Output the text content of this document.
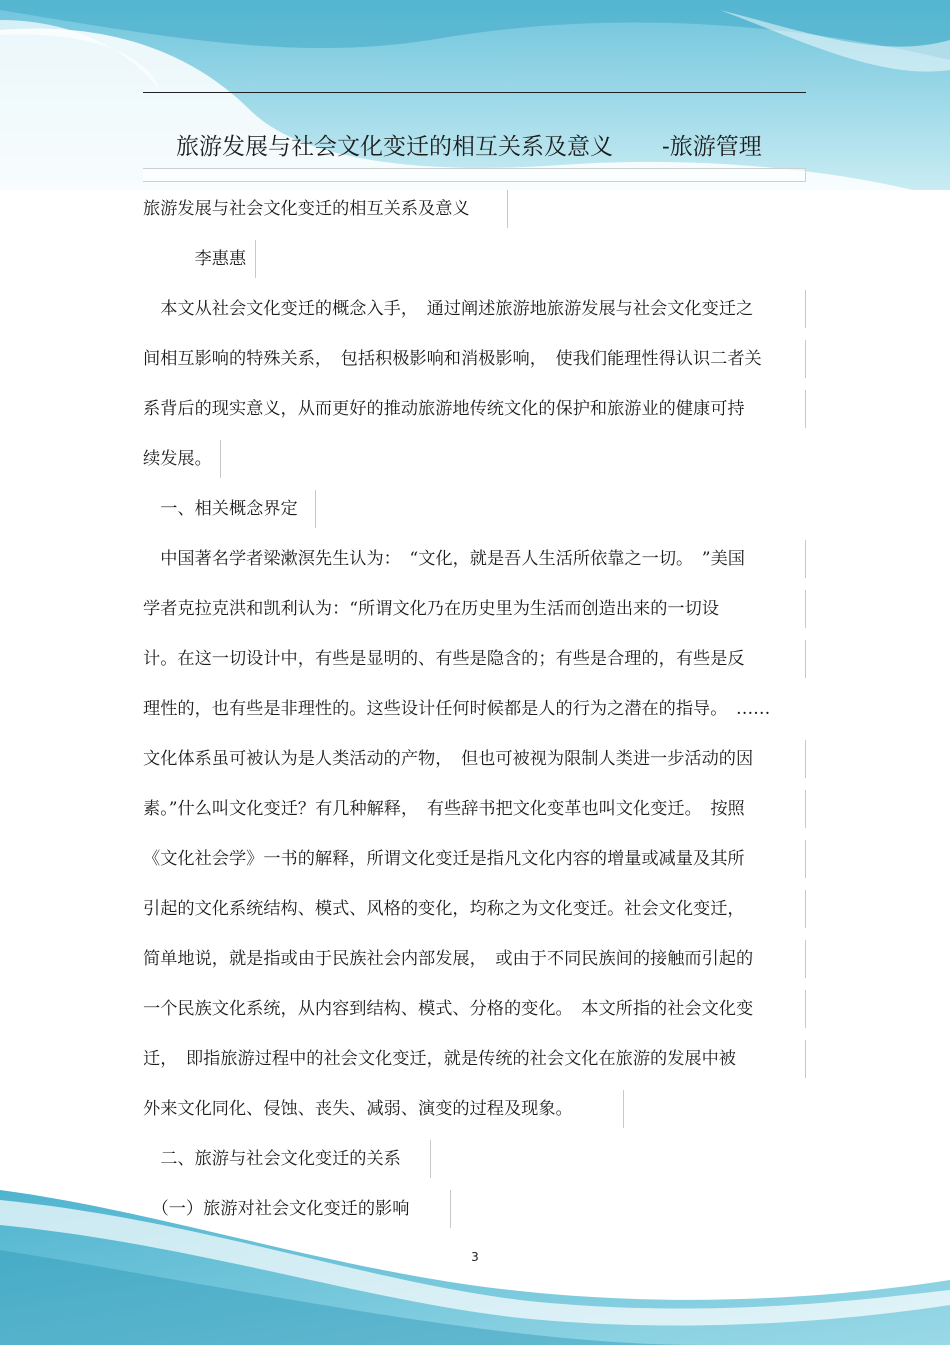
旅游发展与社会文化变迁的相互关系及意义 -旅游管理
旅游发展与社会文化变迁的相互关系及意义
　　　李惠惠
　本文从社会文化变迁的概念入手，　通过阐述旅游地旅游发展与社会文化变迁之
间相互影响的特殊关系，　包括积极影响和消极影响，　使我们能理性得认识二者关
系背后的现实意义，从而更好的推动旅游地传统文化的保护和旅游业的健康可持
续发展。
　一、相关概念界定
　中国著名学者梁漱溟先生认为：　“文化，就是吾人生活所依靠之一切。　”美国
学者克拉克洪和凯利认为：“所谓文化乃在历史里为生活而创造出来的一切设
计。在这一切设计中，有些是显明的、有些是隐含的；有些是合理的，有些是反
理性的，也有些是非理性的。这些设计任何时候都是人的行为之潜在的指导。　……
文化体系虽可被认为是人类活动的产物，　但也可被视为限制人类进一步活动的因
素。”什么叫文化变迁？有几种解释，　有些辞书把文化变革也叫文化变迁。　按照
《文化社会学》一书的解释，所谓文化变迁是指凡文化内容的增量或减量及其所
引起的文化系统结构、模式、风格的变化，均称之为文化变迁。社会文化变迁，
简单地说，就是指或由于民族社会内部发展，　或由于不同民族间的接触而引起的
一个民族文化系统，从内容到结构、模式、分格的变化。　本文所指的社会文化变
迁，　即指旅游过程中的社会文化变迁，就是传统的社会文化在旅游的发展中被
外来文化同化、侵蚀、丧失、减弱、演变的过程及现象。
　二、旅游与社会文化变迁的关系
　（一）旅游对社会文化变迁的影响
3
